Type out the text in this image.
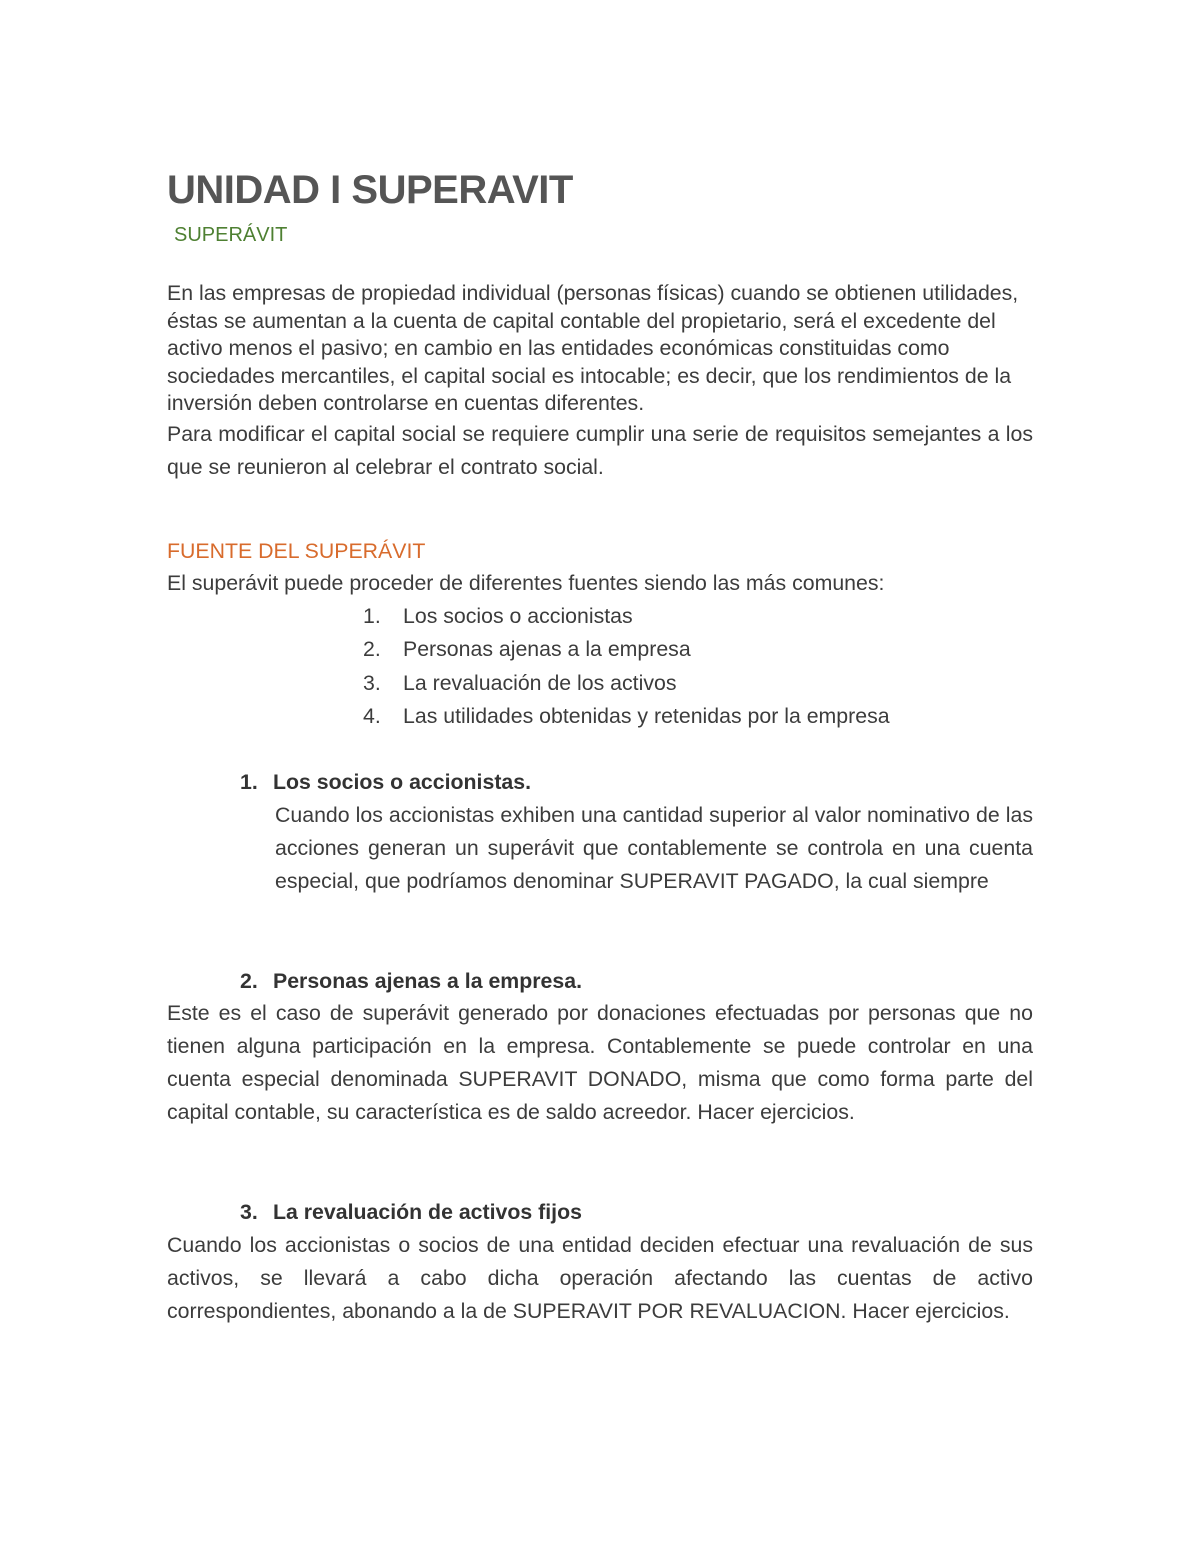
UNIDAD I SUPERAVIT
SUPERÁVIT

En las empresas de propiedad individual (personas físicas) cuando se obtienen utilidades, éstas se aumentan a la cuenta de capital contable del propietario, será el excedente del activo menos el pasivo; en cambio en las entidades económicas constituidas como sociedades mercantiles, el capital social es intocable; es decir, que los rendimientos de la inversión deben controlarse en cuentas diferentes.

Para modificar el capital social se requiere cumplir una serie de requisitos semejantes a los que se reunieron al celebrar el contrato social.

FUENTE DEL SUPERÁVIT
El superávit puede proceder de diferentes fuentes siendo las más comunes:
1. Los socios o accionistas
2. Personas ajenas a la empresa
3. La revaluación de los activos
4. Las utilidades obtenidas y retenidas por la empresa
1. Los socios o accionistas.

Cuando los accionistas exhiben una cantidad superior al valor nominativo de las acciones generan un superávit que contablemente se controla en una cuenta especial, que podríamos denominar SUPERAVIT PAGADO, la cual siempre

2. Personas ajenas a la empresa.

Este es el caso de superávit generado por donaciones efectuadas por personas que no tienen alguna participación en la empresa. Contablemente se puede controlar en una cuenta especial denominada SUPERAVIT DONADO, misma que como forma parte del capital contable, su característica es de saldo acreedor. Hacer ejercicios.

3. La revaluación de activos fijos

Cuando los accionistas o socios de una entidad deciden efectuar una revaluación de sus activos, se llevará a cabo dicha operación afectando las cuentas de activo correspondientes, abonando a la de SUPERAVIT POR REVALUACION. Hacer ejercicios.
